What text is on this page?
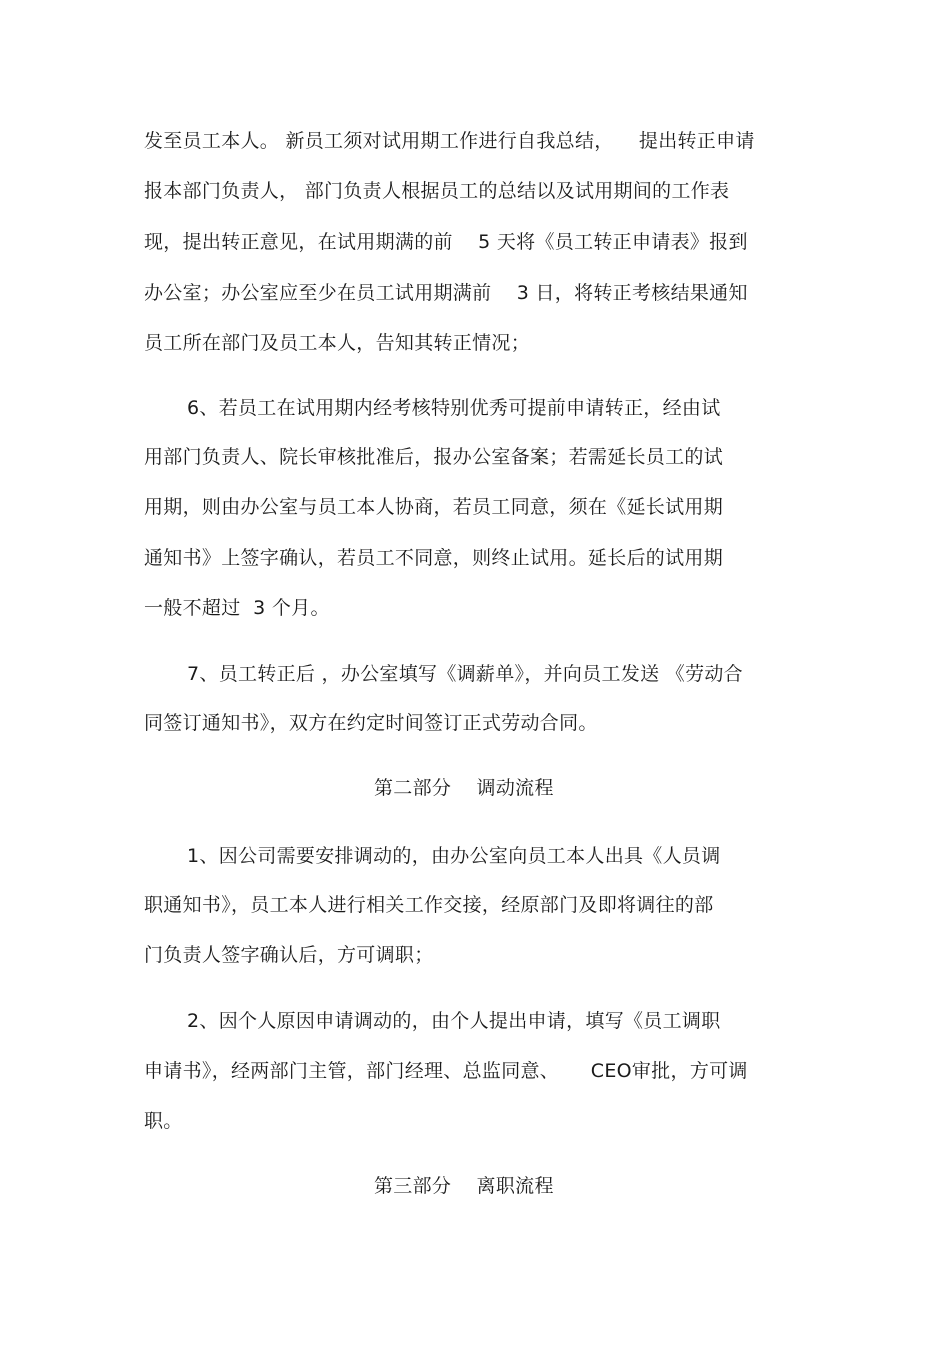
发至员工本人。 新员工须对试用期工作进行自我总结，    提出转正申请
报本部门负责人， 部门负责人根据员工的总结以及试用期间的工作表
现，提出转正意见，在试用期满的前    5 天将《员工转正申请表》报到
办公室；办公室应至少在员工试用期满前    3 日，将转正考核结果通知
员工所在部门及员工本人，告知其转正情况；
6、若员工在试用期内经考核特别优秀可提前申请转正，经由试
用部门负责人、院长审核批准后，报办公室备案；若需延长员工的试
用期，则由办公室与员工本人协商，若员工同意，须在《延长试用期
通知书》上签字确认，若员工不同意，则终止试用。延长后的试用期
一般不超过  3 个月。
7、员工转正后 ，办公室填写《调薪单》，并向员工发送 《劳动合
同签订通知书》，双方在约定时间签订正式劳动合同。
第二部分    调动流程
1、因公司需要安排调动的，由办公室向员工本人出具《人员调
职通知书》，员工本人进行相关工作交接，经原部门及即将调往的部
门负责人签字确认后，方可调职；
2、因个人原因申请调动的，由个人提出申请，填写《员工调职
申请书》，经两部门主管，部门经理、总监同意、     CEO审批，方可调
职。
第三部分    离职流程
